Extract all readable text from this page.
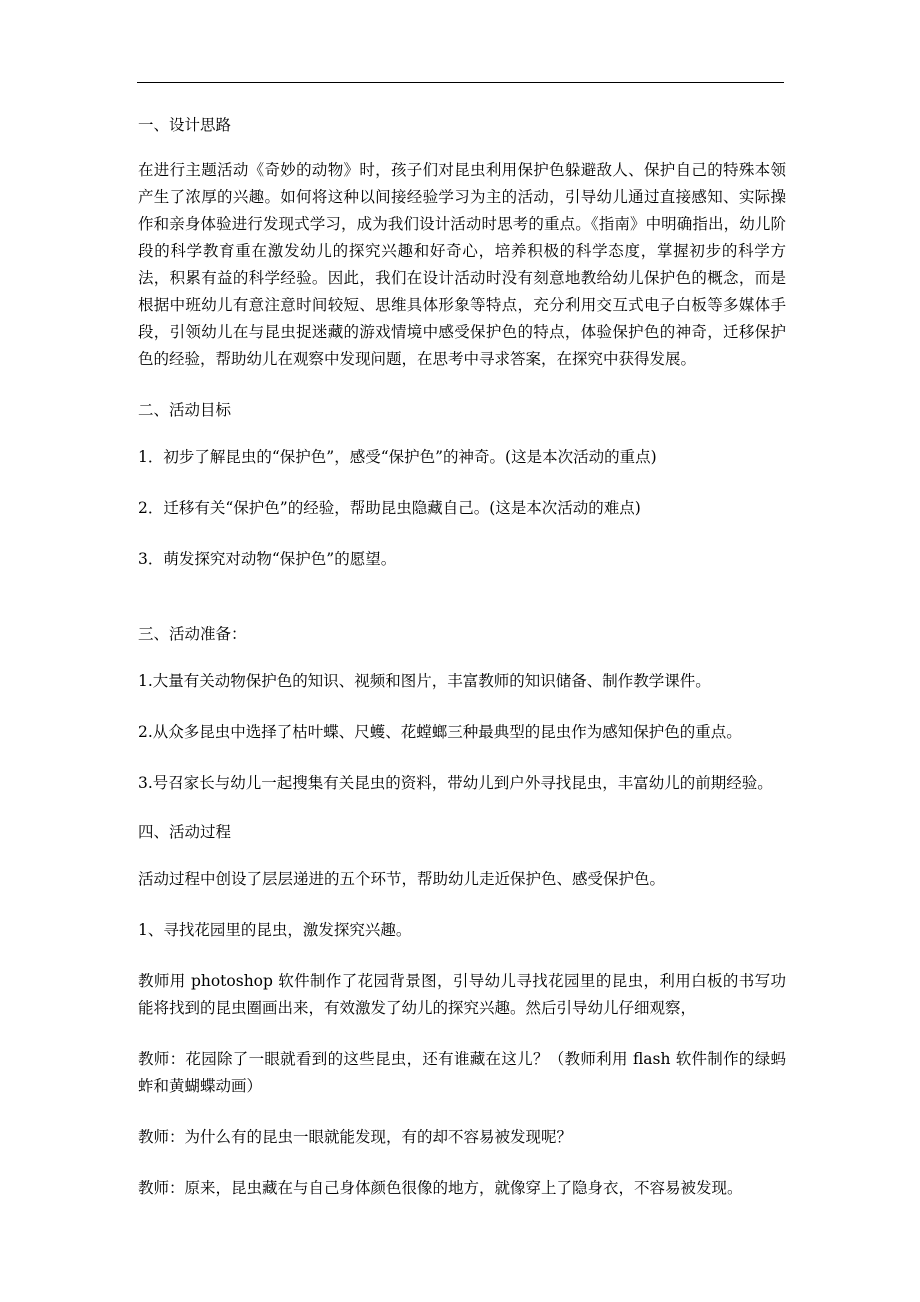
一、设计思路
在进行主题活动《奇妙的动物》时，孩子们对昆虫利用保护色躲避敌人、保护自己的特殊本领产生了浓厚的兴趣。如何将这种以间接经验学习为主的活动，引导幼儿通过直接感知、实际操作和亲身体验进行发现式学习，成为我们设计活动时思考的重点。《指南》中明确指出，幼儿阶段的科学教育重在激发幼儿的探究兴趣和好奇心，培养积极的科学态度，掌握初步的科学方法，积累有益的科学经验。因此，我们在设计活动时没有刻意地教给幼儿保护色的概念，而是根据中班幼儿有意注意时间较短、思维具体形象等特点，充分利用交互式电子白板等多媒体手段，引领幼儿在与昆虫捉迷藏的游戏情境中感受保护色的特点，体验保护色的神奇，迁移保护色的经验，帮助幼儿在观察中发现问题，在思考中寻求答案，在探究中获得发展。
二、活动目标
1．初步了解昆虫的“保护色”，感受“保护色”的神奇。(这是本次活动的重点)
2．迁移有关“保护色”的经验，帮助昆虫隐藏自己。(这是本次活动的难点)
3．萌发探究对动物“保护色”的愿望。
三、活动准备：
1.大量有关动物保护色的知识、视频和图片，丰富教师的知识储备、制作教学课件。
2.从众多昆虫中选择了枯叶蝶、尺蠖、花螳螂三种最典型的昆虫作为感知保护色的重点。
3.号召家长与幼儿一起搜集有关昆虫的资料，带幼儿到户外寻找昆虫，丰富幼儿的前期经验。
四、活动过程
活动过程中创设了层层递进的五个环节，帮助幼儿走近保护色、感受保护色。
1、寻找花园里的昆虫，激发探究兴趣。
教师用 photoshop 软件制作了花园背景图，引导幼儿寻找花园里的昆虫，利用白板的书写功能将找到的昆虫圈画出来，有效激发了幼儿的探究兴趣。然后引导幼儿仔细观察，
教师：花园除了一眼就看到的这些昆虫，还有谁藏在这儿？（教师利用 flash 软件制作的绿蚂蚱和黄蝴蝶动画）
教师：为什么有的昆虫一眼就能发现，有的却不容易被发现呢？
教师：原来，昆虫藏在与自己身体颜色很像的地方，就像穿上了隐身衣，不容易被发现。
